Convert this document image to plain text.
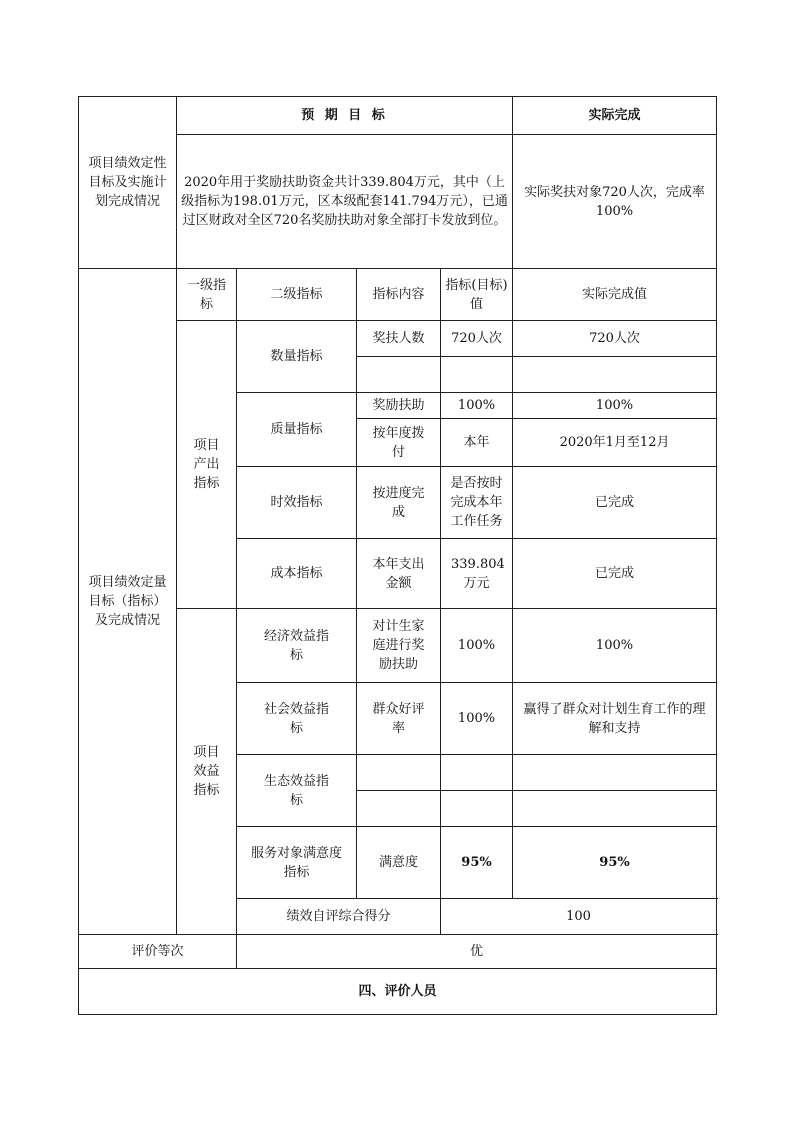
项目绩效定性目标及实施计划完成情况	预 期 目 标				实际完成
	2020年用于奖励扶助资金共计339.804万元，其中（上级指标为198.01万元，区本级配套141.794万元），已通过区财政对全区720名奖励扶助对象全部打卡发放到位。				实际奖扶对象720人次，完成率100%
项目绩效定量目标（指标）及完成情况	一级指标	二级指标	指标内容	指标(目标)值	实际完成值
	项目产出指标	数量指标	奖扶人数	720人次	720人次

		质量指标	奖励扶助	100%	100%
			按年度拨付	本年	2020年1月至12月
		时效指标	按进度完成	是否按时完成本年工作任务	已完成
		成本指标	本年支出金额	339.804万元	已完成
	项目效益指标	经济效益指标	对计生家庭进行奖励扶助	100%	100%
		社会效益指标	群众好评率	100%	赢得了群众对计划生育工作的理解和支持
		生态效益指标			

		服务对象满意度指标	满意度	95%	95%
		绩效自评综合得分		100	
评价等次		优			
四、评价人员					
